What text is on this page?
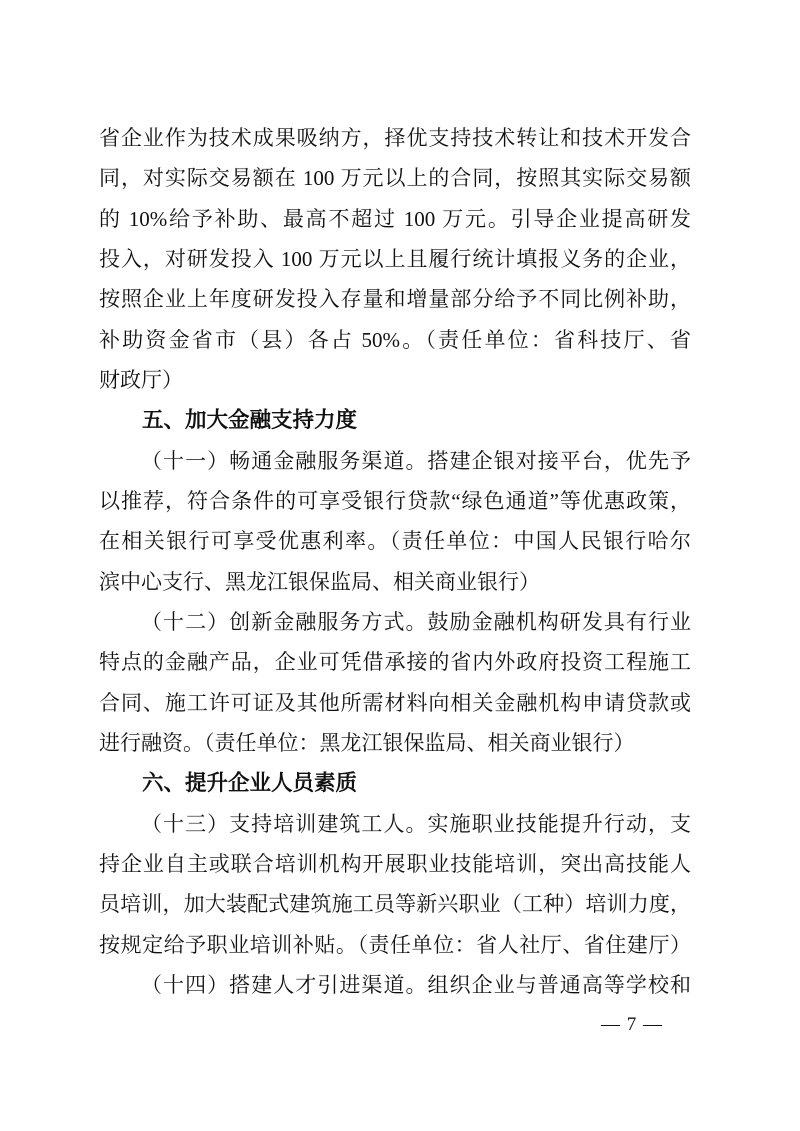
省企业作为技术成果吸纳方，择优支持技术转让和技术开发合
同，对实际交易额在 100 万元以上的合同，按照其实际交易额
的 10%给予补助、最高不超过 100 万元。引导企业提高研发
投入，对研发投入 100 万元以上且履行统计填报义务的企业，
按照企业上年度研发投入存量和增量部分给予不同比例补助，
补助资金省市（县）各占 50%。（责任单位：省科技厅、省
财政厅）
五、加大金融支持力度
（十一）畅通金融服务渠道。搭建企银对接平台，优先予
以推荐，符合条件的可享受银行贷款“绿色通道”等优惠政策，
在相关银行可享受优惠利率。（责任单位：中国人民银行哈尔
滨中心支行、黑龙江银保监局、相关商业银行）
（十二）创新金融服务方式。鼓励金融机构研发具有行业
特点的金融产品，企业可凭借承接的省内外政府投资工程施工
合同、施工许可证及其他所需材料向相关金融机构申请贷款或
进行融资。（责任单位：黑龙江银保监局、相关商业银行）
六、提升企业人员素质
（十三）支持培训建筑工人。实施职业技能提升行动，支
持企业自主或联合培训机构开展职业技能培训，突出高技能人
员培训，加大装配式建筑施工员等新兴职业（工种）培训力度，
按规定给予职业培训补贴。（责任单位：省人社厅、省住建厅）
（十四）搭建人才引进渠道。组织企业与普通高等学校和
— 7 —
